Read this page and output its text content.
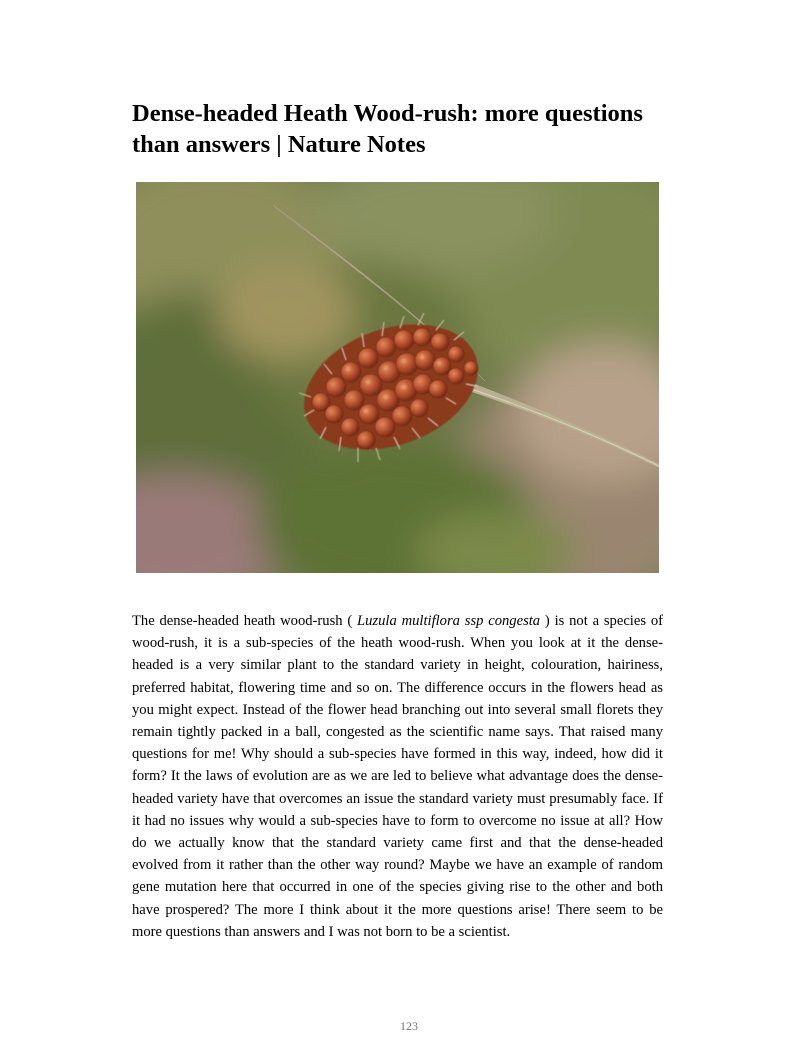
Dense-headed Heath Wood-rush: more questions than answers | Nature Notes

The dense-headed heath wood-rush ( Luzula multiflora ssp congesta ) is not a species of wood-rush, it is a sub-species of the heath wood-rush. When you look at it the dense-headed is a very similar plant to the standard variety in height, colouration, hairiness, preferred habitat, flowering time and so on. The difference occurs in the flowers head as you might expect. Instead of the flower head branching out into several small florets they remain tightly packed in a ball, congested as the scientific name says. That raised many questions for me! Why should a sub-species have formed in this way, indeed, how did it form? It the laws of evolution are as we are led to believe what advantage does the dense-headed variety have that overcomes an issue the standard variety must presumably face. If it had no issues why would a sub-species have to form to overcome no issue at all? How do we actually know that the standard variety came first and that the dense-headed evolved from it rather than the other way round? Maybe we have an example of random gene mutation here that occurred in one of the species giving rise to the other and both have prospered? The more I think about it the more questions arise! There seem to be more questions than answers and I was not born to be a scientist.

123
